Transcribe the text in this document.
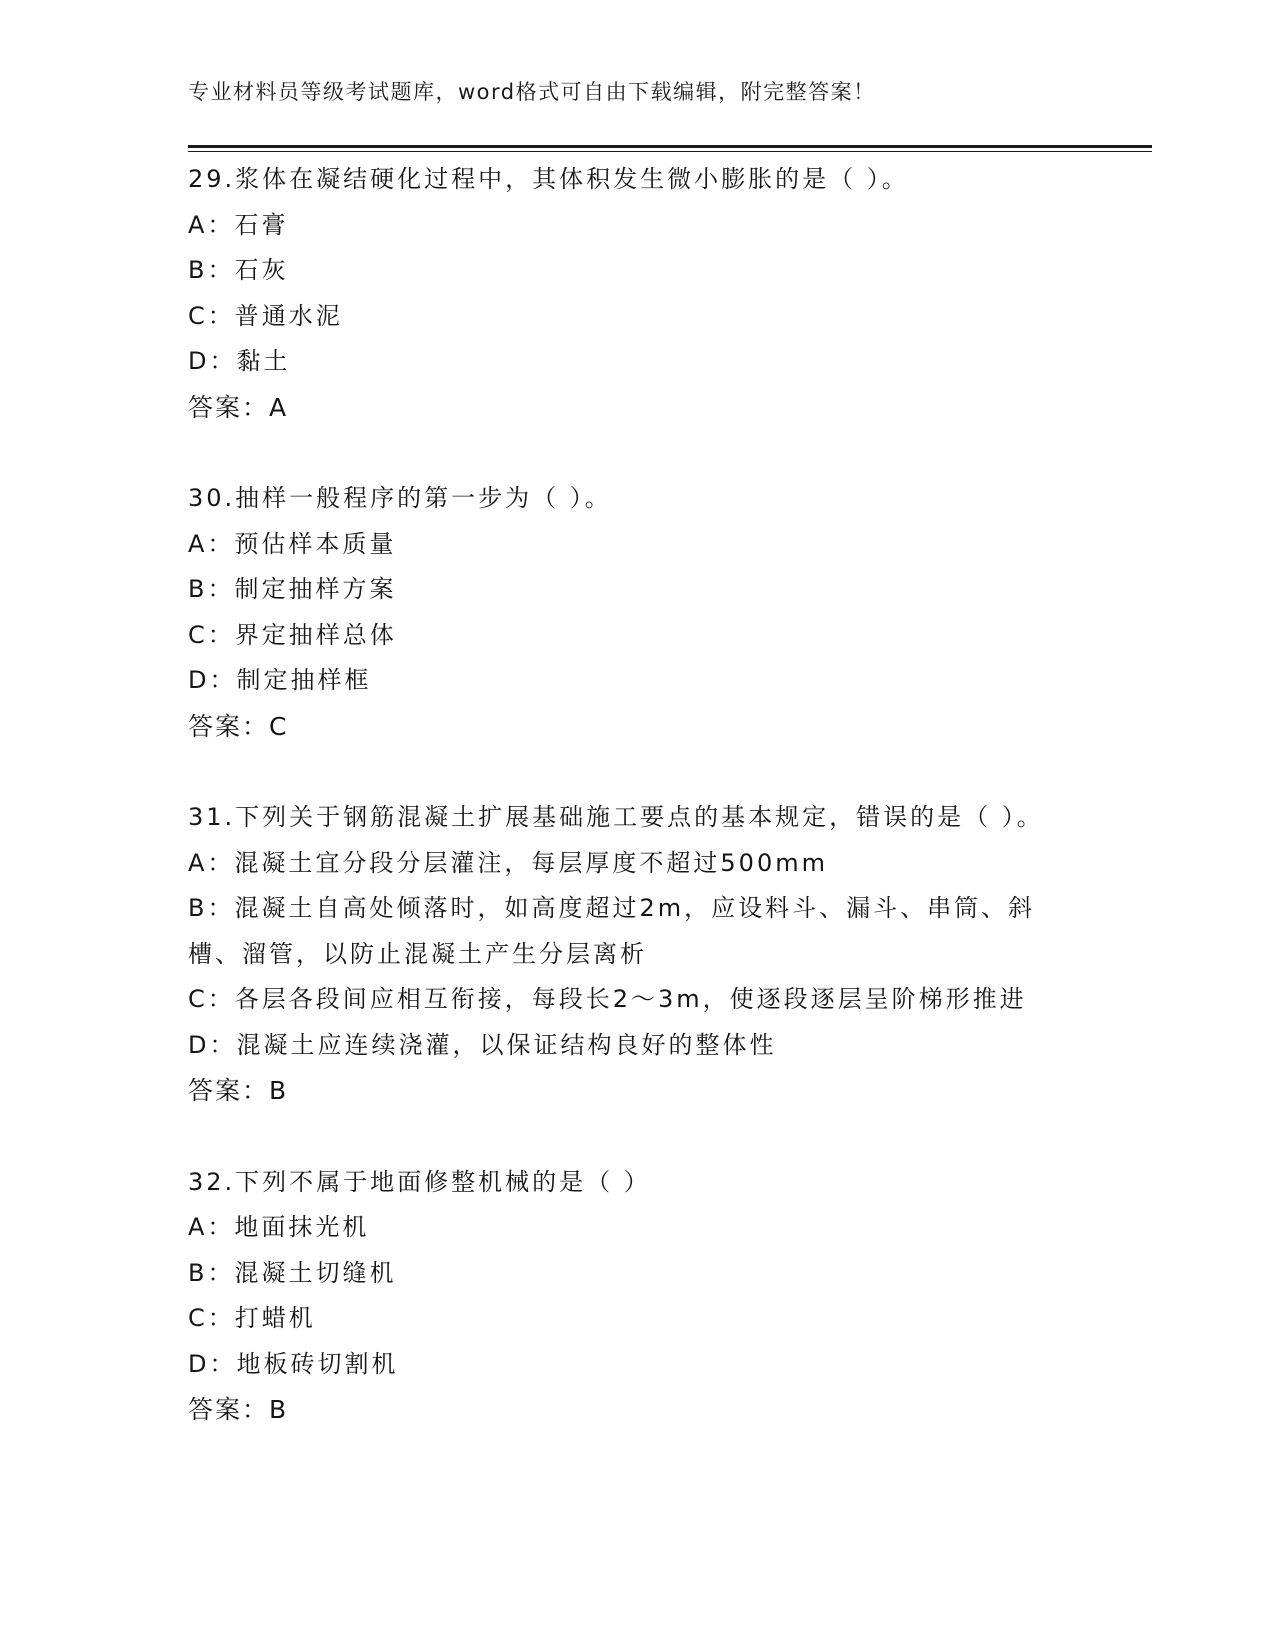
专业材料员等级考试题库，word格式可自由下载编辑，附完整答案！
29.浆体在凝结硬化过程中，其体积发生微小膨胀的是（ ）。
A：石膏
B：石灰
C：普通水泥
D：黏土
答案：A
30.抽样一般程序的第一步为（ ）。
A：预估样本质量
B：制定抽样方案
C：界定抽样总体
D：制定抽样框
答案：C
31.下列关于钢筋混凝土扩展基础施工要点的基本规定，错误的是（ ）。
A：混凝土宜分段分层灌注，每层厚度不超过500mm
B：混凝土自高处倾落时，如高度超过2m，应设料斗、漏斗、串筒、斜槽、溜管，以防止混凝土产生分层离析
C：各层各段间应相互衔接，每段长2～3m，使逐段逐层呈阶梯形推进
D：混凝土应连续浇灌，以保证结构良好的整体性
答案：B
32.下列不属于地面修整机械的是（ ）
A：地面抹光机
B：混凝土切缝机
C：打蜡机
D：地板砖切割机
答案：B
